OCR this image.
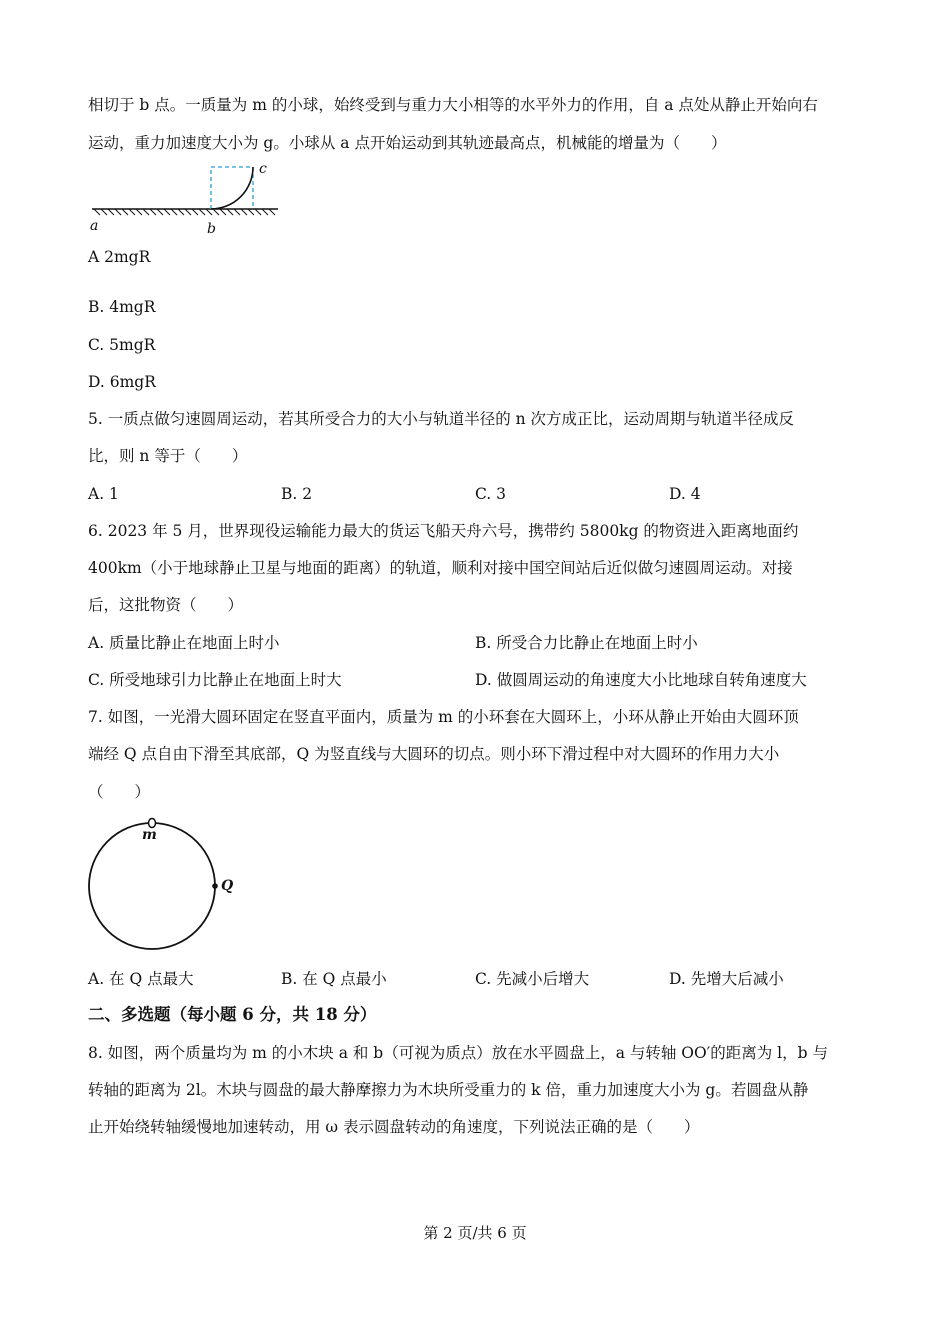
相切于 b 点。一质量为 m 的小球，始终受到与重力大小相等的水平外力的作用，自 a 点处从静止开始向右
运动，重力加速度大小为 g。小球从 a 点开始运动到其轨迹最高点，机械能的增量为（　　）
a	b
c
A 2mgR
B. 4mgR
C. 5mgR
D. 6mgR
5. 一质点做匀速圆周运动，若其所受合力的大小与轨道半径的 n 次方成正比，运动周期与轨道半径成反
比，则 n 等于（　　）
A. 1	B. 2	C. 3	D. 4
6. 2023 年 5 月，世界现役运输能力最大的货运飞船天舟六号，携带约 5800kg 的物资进入距离地面约
400km（小于地球静止卫星与地面的距离）的轨道，顺利对接中国空间站后近似做匀速圆周运动。对接
后，这批物资（　　）
A. 质量比静止在地面上时小	B. 所受合力比静止在地面上时小
C. 所受地球引力比静止在地面上时大	D. 做圆周运动的角速度大小比地球自转角速度大
7. 如图，一光滑大圆环固定在竖直平面内，质量为 m 的小环套在大圆环上，小环从静止开始由大圆环顶
端经 Q 点自由下滑至其底部，Q 为竖直线与大圆环的切点。则小环下滑过程中对大圆环的作用力大小
（　　）
m
Q
A. 在 Q 点最大	B. 在 Q 点最小	C. 先减小后增大	D. 先增大后减小
二、多选题（每小题 6 分，共 18 分）
8. 如图，两个质量均为 m 的小木块 a 和 b（可视为质点）放在水平圆盘上，a 与转轴 OO′的距离为 l，b 与
转轴的距离为 2l。木块与圆盘的最大静摩擦力为木块所受重力的 k 倍，重力加速度大小为 g。若圆盘从静
止开始绕转轴缓慢地加速转动，用 ω 表示圆盘转动的角速度，下列说法正确的是（　　）
第 2 页/共 6 页
